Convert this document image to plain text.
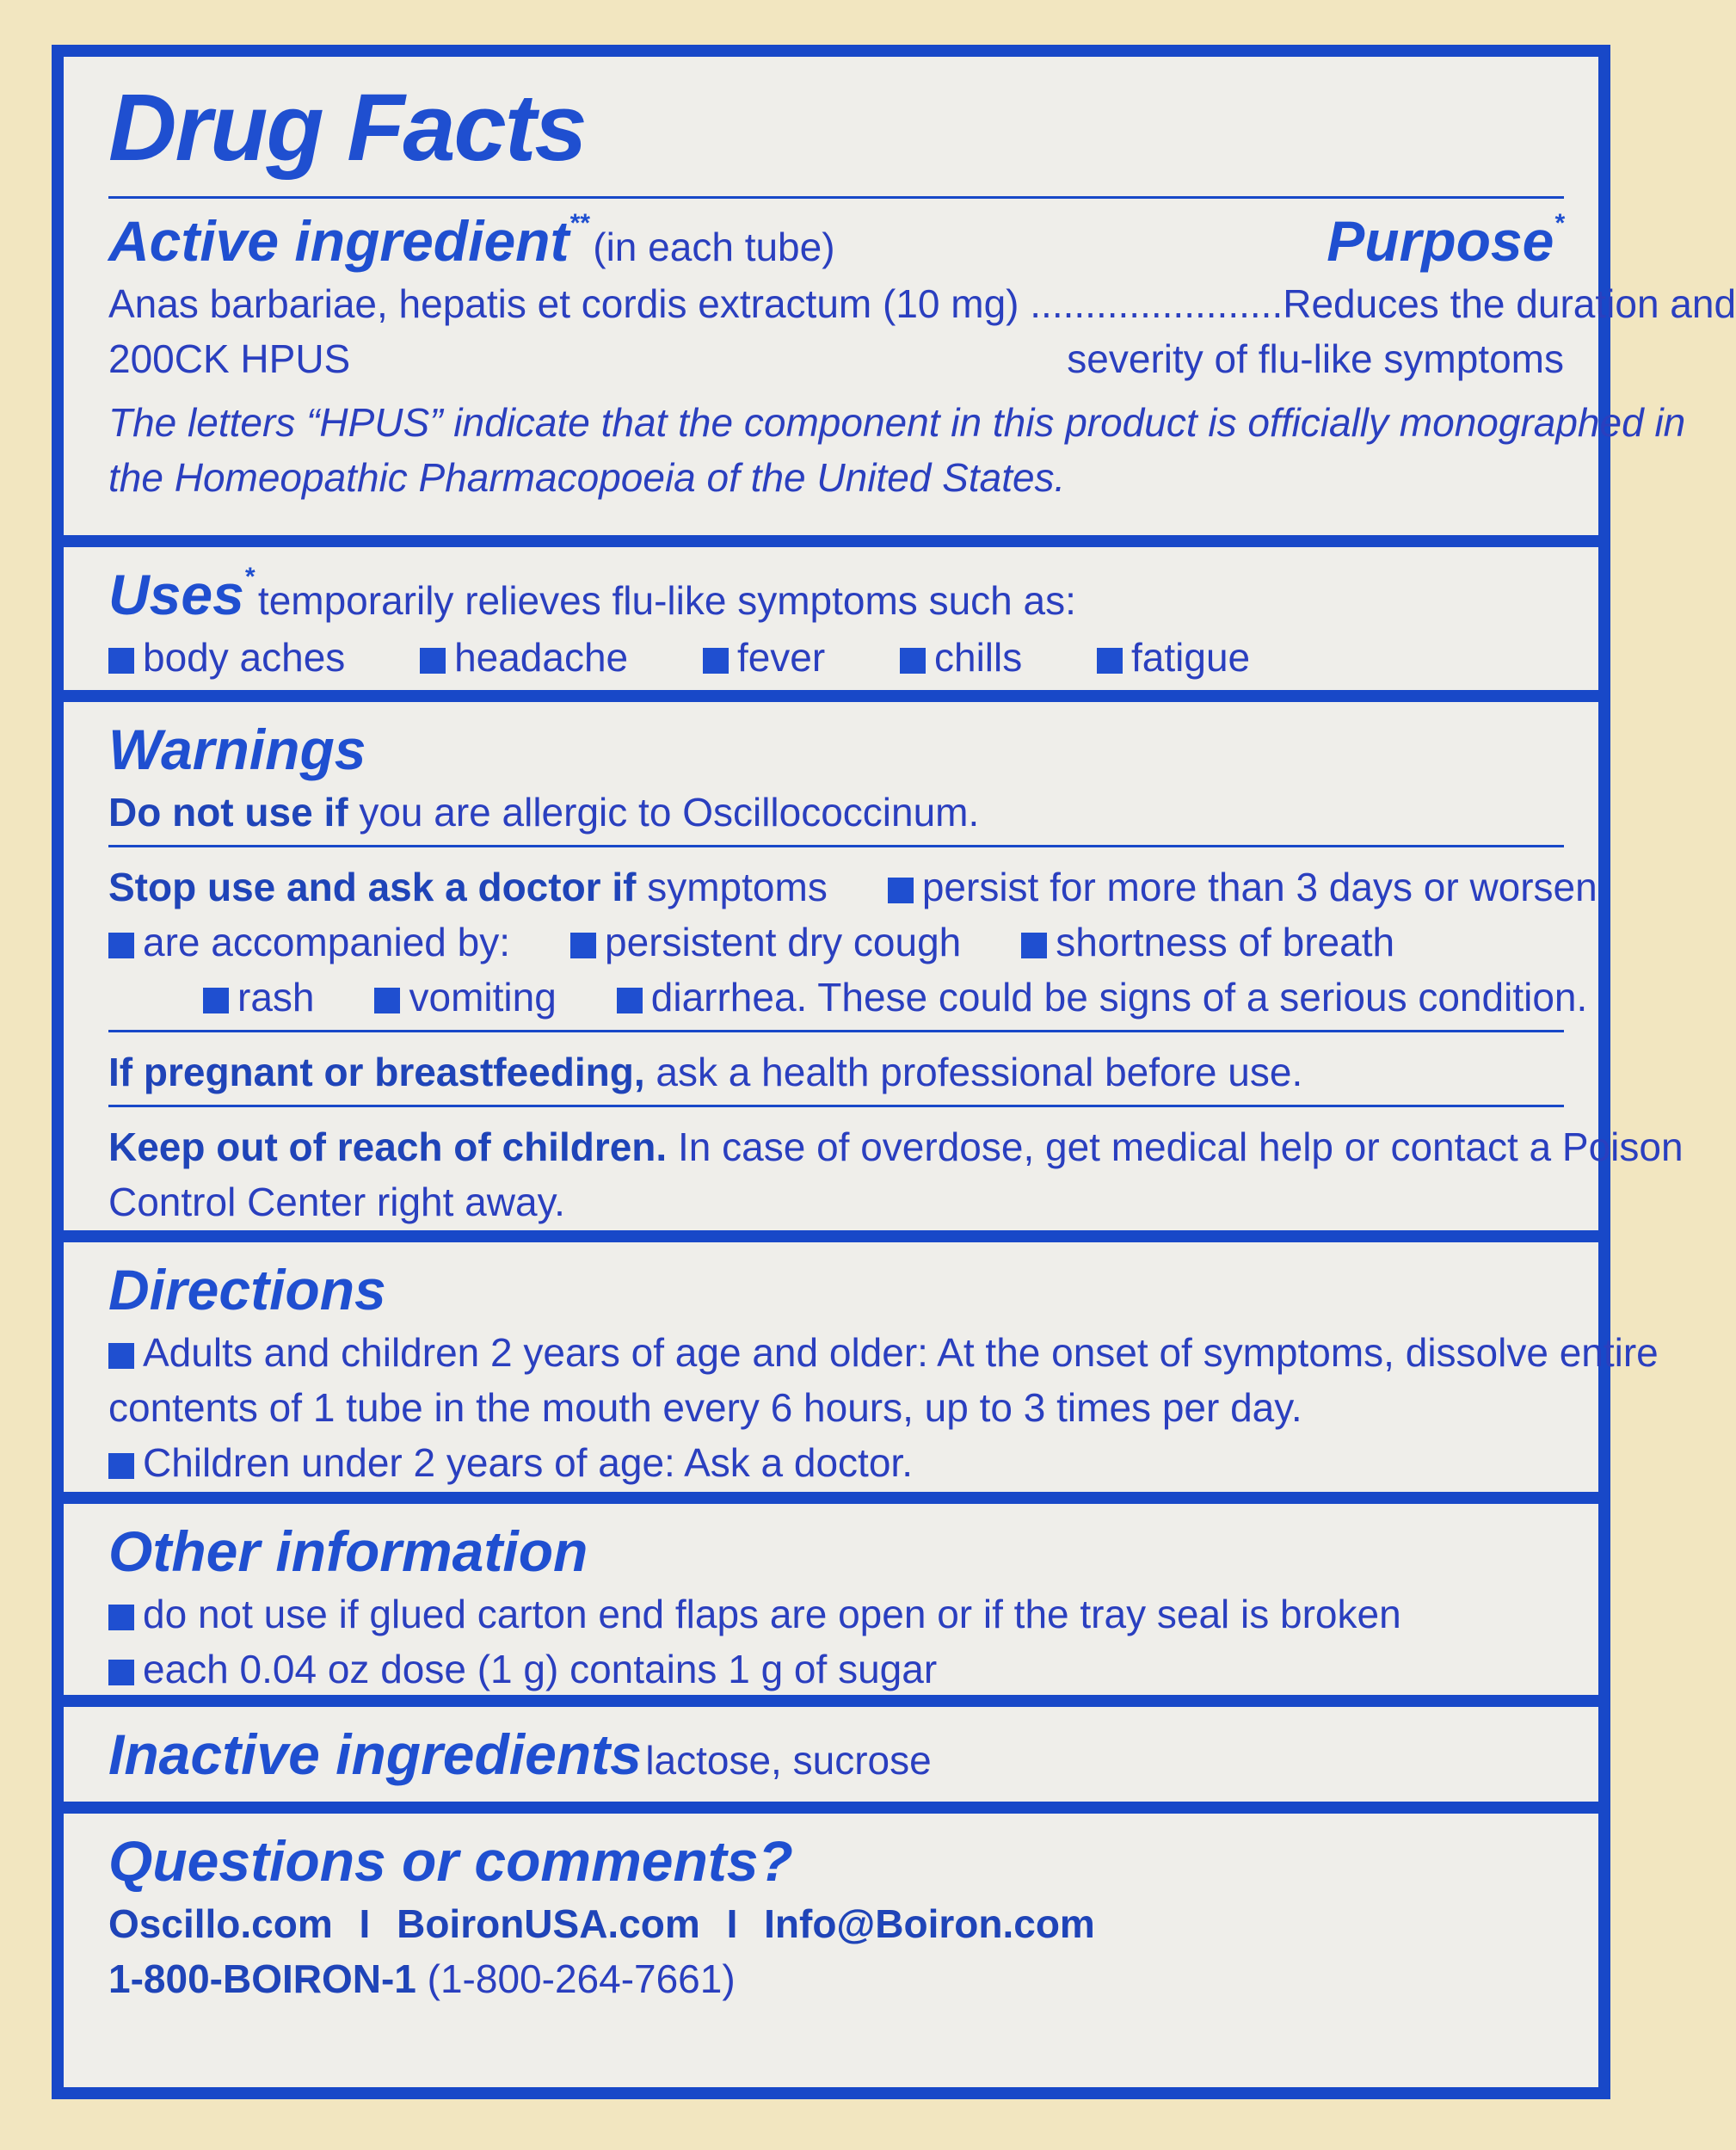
Drug Facts
Active ingredient** (in each tube)	Purpose*
Anas barbariae, hepatis et cordis extractum (10 mg) ....................... Reduces the duration and
200CK HPUS	severity of flu-like symptoms
The letters “HPUS” indicate that the component in this product is officially monographed in
the Homeopathic Pharmacopoeia of the United States.
Uses* temporarily relieves flu-like symptoms such as:
body aches	headache	fever	chills	fatigue
Warnings
Do not use if you are allergic to Oscillococcinum.
Stop use and ask a doctor if symptoms persist for more than 3 days or worsen
are accompanied by: persistent dry cough shortness of breath
rash vomiting diarrhea. These could be signs of a serious condition.
If pregnant or breastfeeding, ask a health professional before use.
Keep out of reach of children. In case of overdose, get medical help or contact a Poison
Control Center right away.
Directions
Adults and children 2 years of age and older: At the onset of symptoms, dissolve entire
contents of 1 tube in the mouth every 6 hours, up to 3 times per day.
Children under 2 years of age: Ask a doctor.
Other information
do not use if glued carton end flaps are open or if the tray seal is broken
each 0.04 oz dose (1 g) contains 1 g of sugar
Inactive ingredients lactose, sucrose
Questions or comments?
Oscillo.com I BoironUSA.com I Info@Boiron.com
1-800-BOIRON-1 (1-800-264-7661)
